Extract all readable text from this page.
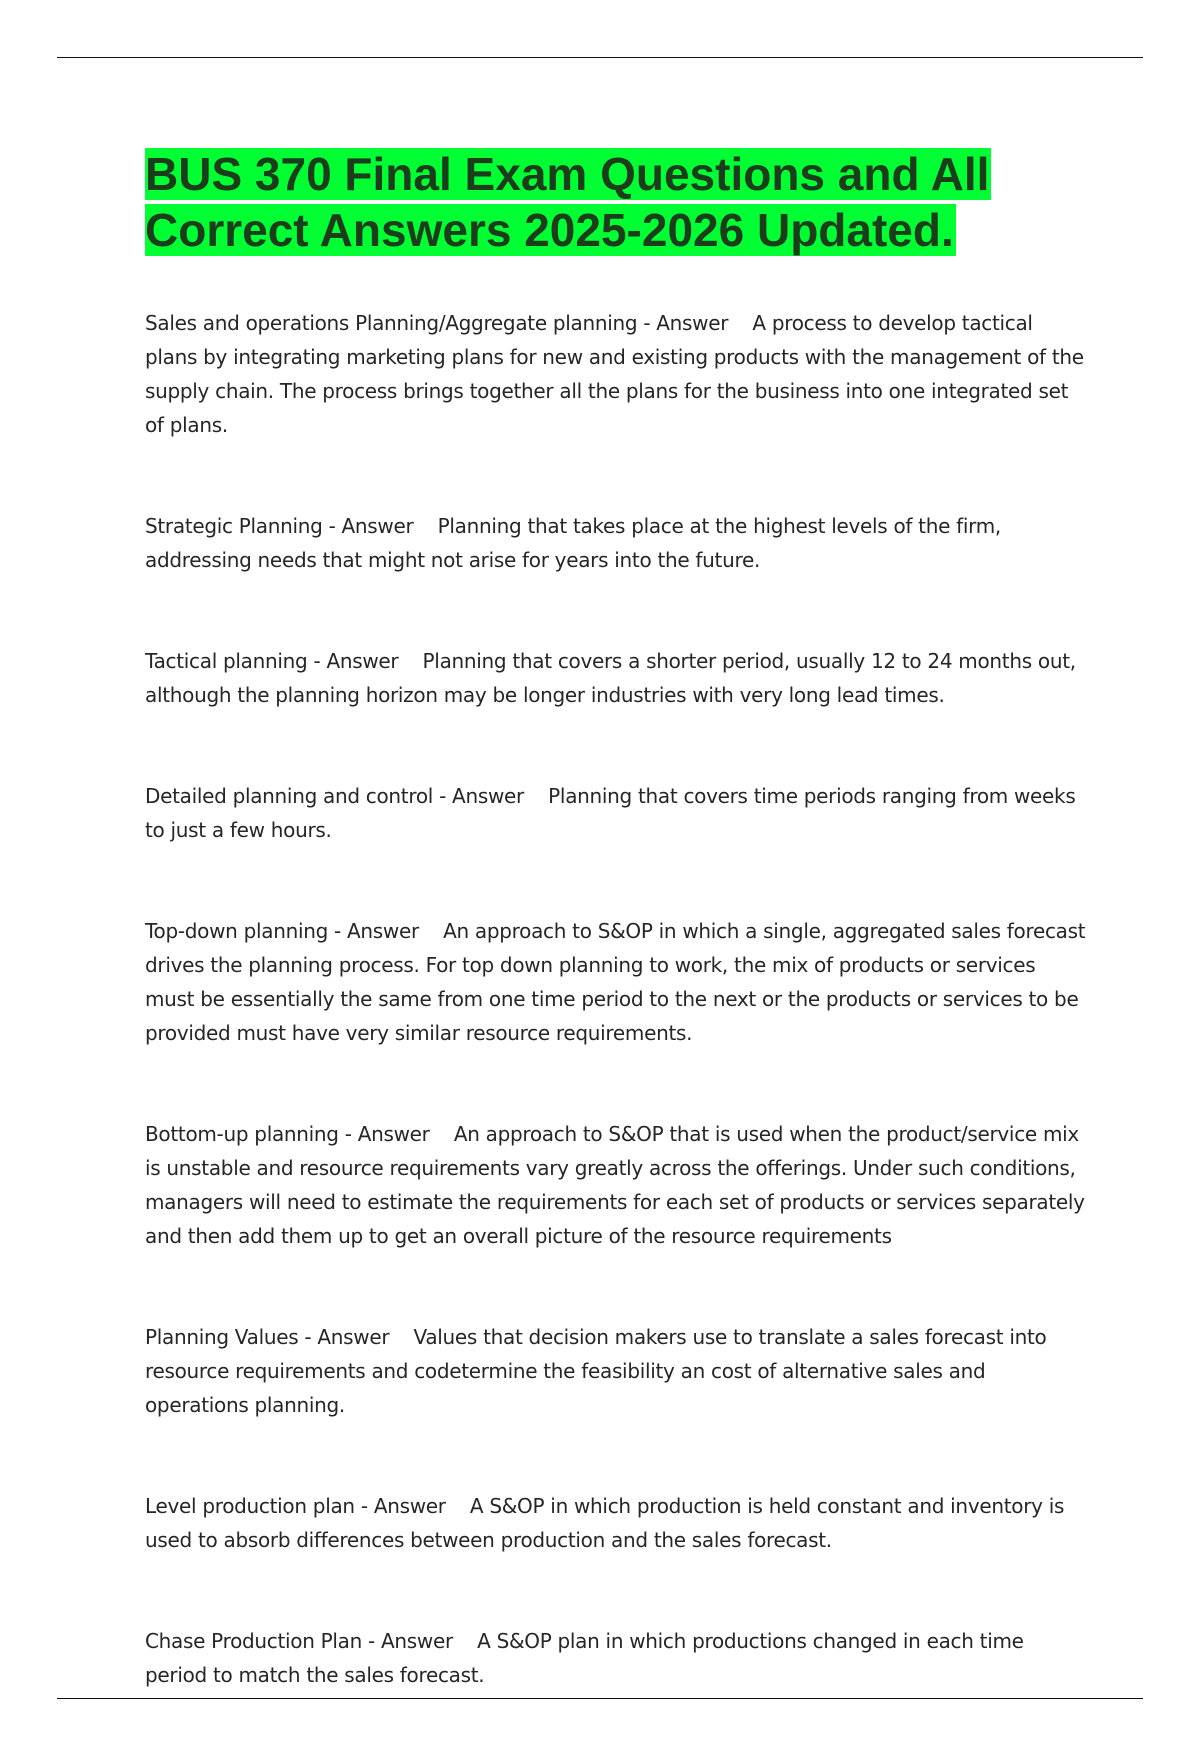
BUS 370 Final Exam Questions and All
Correct Answers 2025-2026 Updated.

Sales and operations Planning/Aggregate planning - Answer A process to develop tactical plans by integrating marketing plans for new and existing products with the management of the supply chain. The process brings together all the plans for the business into one integrated set of plans.

Strategic Planning - Answer Planning that takes place at the highest levels of the firm, addressing needs that might not arise for years into the future.

Tactical planning - Answer Planning that covers a shorter period, usually 12 to 24 months out, although the planning horizon may be longer industries with very long lead times.

Detailed planning and control - Answer Planning that covers time periods ranging from weeks to just a few hours.

Top-down planning - Answer An approach to S&OP in which a single, aggregated sales forecast drives the planning process. For top down planning to work, the mix of products or services must be essentially the same from one time period to the next or the products or services to be provided must have very similar resource requirements.

Bottom-up planning - Answer An approach to S&OP that is used when the product/service mix is unstable and resource requirements vary greatly across the offerings. Under such conditions, managers will need to estimate the requirements for each set of products or services separately and then add them up to get an overall picture of the resource requirements

Planning Values - Answer Values that decision makers use to translate a sales forecast into resource requirements and codetermine the feasibility an cost of alternative sales and operations planning.

Level production plan - Answer A S&OP in which production is held constant and inventory is used to absorb differences between production and the sales forecast.

Chase Production Plan - Answer A S&OP plan in which productions changed in each time period to match the sales forecast.
